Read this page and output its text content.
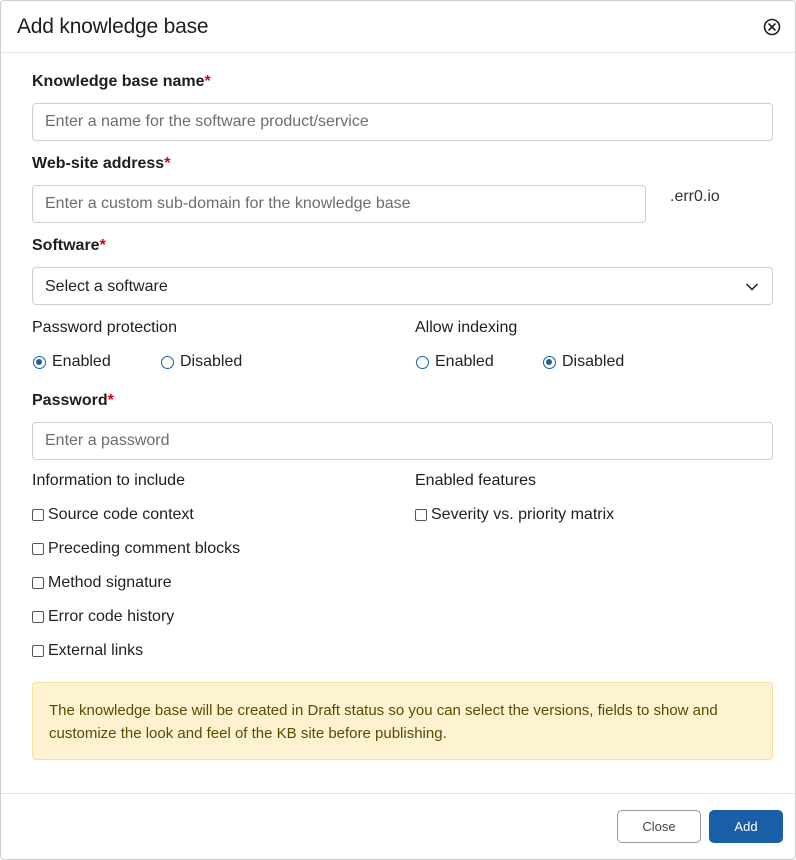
Add knowledge base
Knowledge base name*
Enter a name for the software product/service
Web-site address*
Enter a custom sub-domain for the knowledge base
.err0.io
Software*
Select a software
Password protection
Enabled	Disabled
Allow indexing
Enabled	Disabled
Password*
Information to include
Source code context
Preceding comment blocks
Method signature
Error code history
External links
Enabled features
Severity vs. priority matrix
The knowledge base will be created in Draft status so you can select the versions, fields to show and customize the look and feel of the KB site before publishing.
Close	Add
